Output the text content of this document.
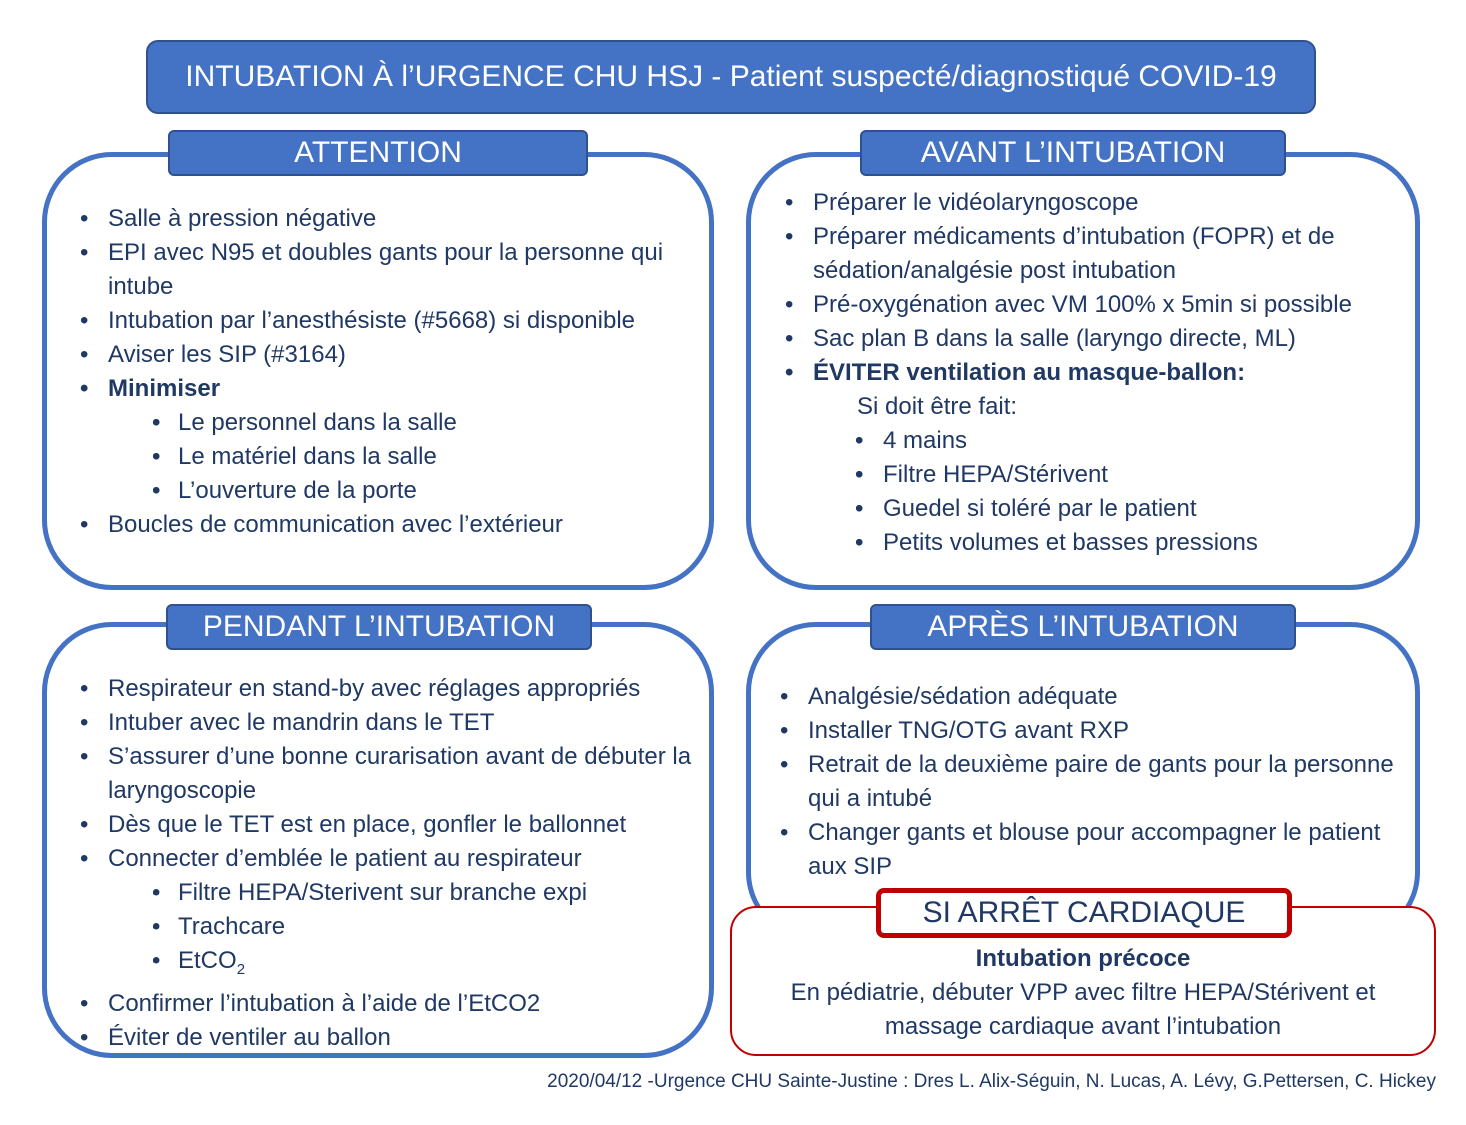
INTUBATION À l’URGENCE CHU HSJ - Patient suspecté/diagnostiqué COVID-19
ATTENTION
• Salle à pression négative
• EPI avec N95 et doubles gants pour la personne qui intube
• Intubation par l’anesthésiste (#5668) si disponible
• Aviser les SIP (#3164)
• Minimiser
• • Le personnel dans la salle
• • Le matériel dans la salle
• • L’ouverture de la porte
• Boucles de communication avec l’extérieur
AVANT L’INTUBATION
• Préparer le vidéolaryngoscope
• Préparer médicaments d’intubation (FOPR) et de sédation/analgésie post intubation
• Pré-oxygénation avec VM 100% x 5min si possible
• Sac plan B dans la salle (laryngo directe, ML)
• ÉVITER ventilation au masque-ballon:
Si doit être fait:
• • 4 mains
• • Filtre HEPA/Stérivent
• • Guedel si toléré par le patient
• • Petits volumes et basses pressions
PENDANT L’INTUBATION
• Respirateur en stand-by avec réglages appropriés
• Intuber avec le mandrin dans le TET
• S’assurer d’une bonne curarisation avant de débuter la laryngoscopie
• Dès que le TET est en place, gonfler le ballonnet
• Connecter d’emblée le patient au respirateur
• - Filtre HEPA/Sterivent sur branche expi
• - Trachcare
• - EtCO$_2$
• Confirmer l’intubation à l’aide de l’EtCO2
• Éviter de ventiler au ballon
APRÈS L’INTUBATION
• Analgésie/sédation adéquate
• Installer TNG/OTG avant RXP
• Retrait de la deuxième paire de gants pour la personne qui a intubé
• Changer gants et blouse pour accompagner le patient aux SIP
SI ARRÊT CARDIAQUE
Intubation précoce
En pédiatrie, débuter VPP avec filtre HEPA/Stérivent et
massage cardiaque avant l’intubation
2020/04/12 -Urgence CHU Sainte-Justine : Dres L. Alix-Séguin, N. Lucas, A. Lévy, G.Pettersen, C. Hickey
